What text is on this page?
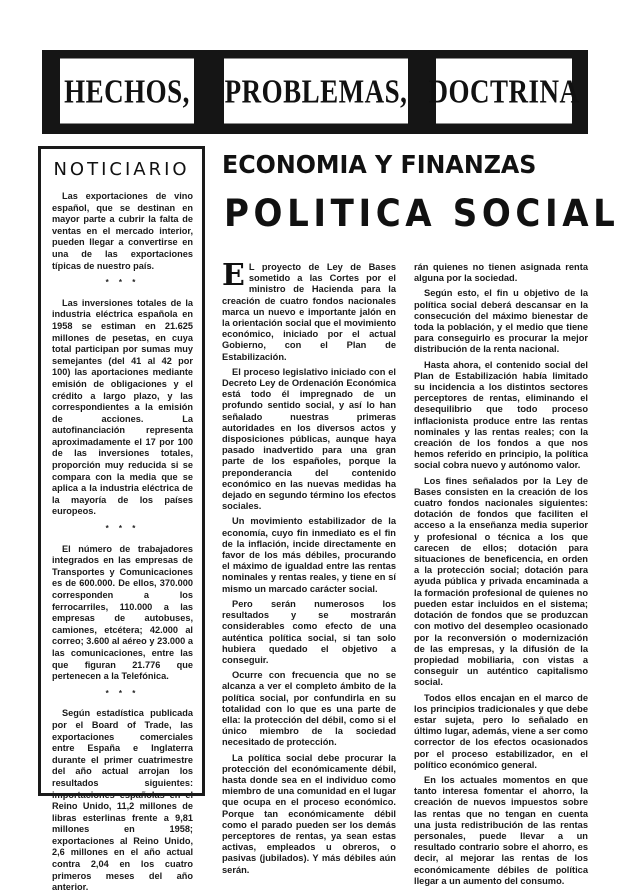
HECHOS, PROBLEMAS, DOCTRINA
NOTICIARIO

Las exportaciones de vino español, que se destinan en mayor parte a cubrir la falta de ventas en el mercado interior, pueden llegar a convertirse en una de las exportaciones típicas de nuestro país.

* * *

Las inversiones totales de la industria eléctrica española en 1958 se estiman en 21.625 millones de pesetas, en cuya total participan por sumas muy semejantes (del 41 al 42 por 100) las aportaciones mediante emisión de obligaciones y el crédito a largo plazo, y las correspondientes a la emisión de acciones. La autofinanciación representa aproximadamente el 17 por 100 de las inversiones totales, proporción muy reducida si se compara con la media que se aplica a la industria eléctrica de la mayoría de los países europeos.

* * *

El número de trabajadores integrados en las empresas de Transportes y Comunicaciones es de 600.000. De ellos, 370.000 corresponden a los ferrocarriles, 110.000 a las empresas de autobuses, camiones, etcétera; 42.000 al correo; 3.600 al aéreo y 23.000 a las comunicaciones, entre las que figuran 21.776 que pertenecen a la Telefónica.

* * *

Según estadística publicada por el Board of Trade, las exportaciones comerciales entre España e Inglaterra durante el primer cuatrimestre del año actual arrojan los resultados siguientes: importaciones españolas en el Reino Unido, 11,2 millones de libras esterlinas frente a 9,81 millones en 1958; exportaciones al Reino Unido, 2,6 millones en el año actual contra 2,04 en los cuatro primeros meses del año anterior.

ECONOMIA Y FINANZAS
POLITICA SOCIAL

E L proyecto de Ley de Bases sometido a las Cortes por el ministro de Hacienda para la creación de cuatro fondos nacionales marca un nuevo e importante jalón en la orientación social que el movimiento económico, iniciado por el actual Gobierno, con el Plan de Estabilización.

El proceso legislativo iniciado con el Decreto Ley de Ordenación Económica está todo él impregnado de un profundo sentido social, y así lo han señalado nuestras primeras autoridades en los diversos actos y disposiciones públicas, aunque haya pasado inadvertido para una gran parte de los españoles, porque la preponderancia del contenido económico en las nuevas medidas ha dejado en segundo término los efectos sociales.

Un movimiento estabilizador de la economía, cuyo fin inmediato es el fin de la inflación, incide directamente en favor de los más débiles, procurando el máximo de igualdad entre las rentas nominales y rentas reales, y tiene en sí mismo un marcado carácter social.

Pero serán numerosos los resultados y se mostrarán considerables como efecto de una auténtica política social, si tan solo hubiera quedado el objetivo a conseguir.

Ocurre con frecuencia que no se alcanza a ver el completo ámbito de la política social, por confundirla en su totalidad con lo que es una parte de ella: la protección del débil, como si el único miembro de la sociedad necesitado de protección.

La política social debe procurar la protección del económicamente débil, hasta donde sea en el individuo como miembro de una comunidad en el lugar que ocupa en el proceso económico. Porque tan económicamente débil como el parado pueden ser los demás perceptores de rentas, ya sean estas activas, empleados u obreros, o pasivas (jubilados). Y más débiles aún serán.

rán quienes no tienen asignada renta alguna por la sociedad.

Según esto, el fin u objetivo de la política social deberá descansar en la consecución del máximo bienestar de toda la población, y el medio que tiene para conseguirlo es procurar la mejor distribución de la renta nacional.

Hasta ahora, el contenido social del Plan de Estabilización había limitado su incidencia a los distintos sectores perceptores de rentas, eliminando el desequilibrio que todo proceso inflacionista produce entre las rentas nominales y las rentas reales; con la creación de los fondos a que nos hemos referido en principio, la política social cobra nuevo y autónomo valor.

Los fines señalados por la Ley de Bases consisten en la creación de los cuatro fondos nacionales siguientes: dotación de fondos que faciliten el acceso a la enseñanza media superior y profesional o técnica a los que carecen de ellos; dotación para situaciones de beneficencia, en orden a la protección social; dotación para ayuda pública y privada encaminada a la formación profesional de quienes no pueden estar incluidos en el sistema; dotación de fondos que se produzcan con motivo del desempleo ocasionado por la reconversión o modernización de las empresas, y la difusión de la propiedad mobiliaria, con vistas a conseguir un auténtico capitalismo social.

Todos ellos encajan en el marco de los principios tradicionales y que debe estar sujeta, pero lo señalado en último lugar, además, viene a ser como corrector de los efectos ocasionados por el proceso estabilizador, en el político económico general.

En los actuales momentos en que tanto interesa fomentar el ahorro, la creación de nuevos impuestos sobre las rentas que no tengan en cuenta una justa redistribución de las rentas personales, puede llevar a un resultado contrario sobre el ahorro, es decir, al mejorar las rentas de los económicamente débiles de política llegar a un aumento del consumo.
